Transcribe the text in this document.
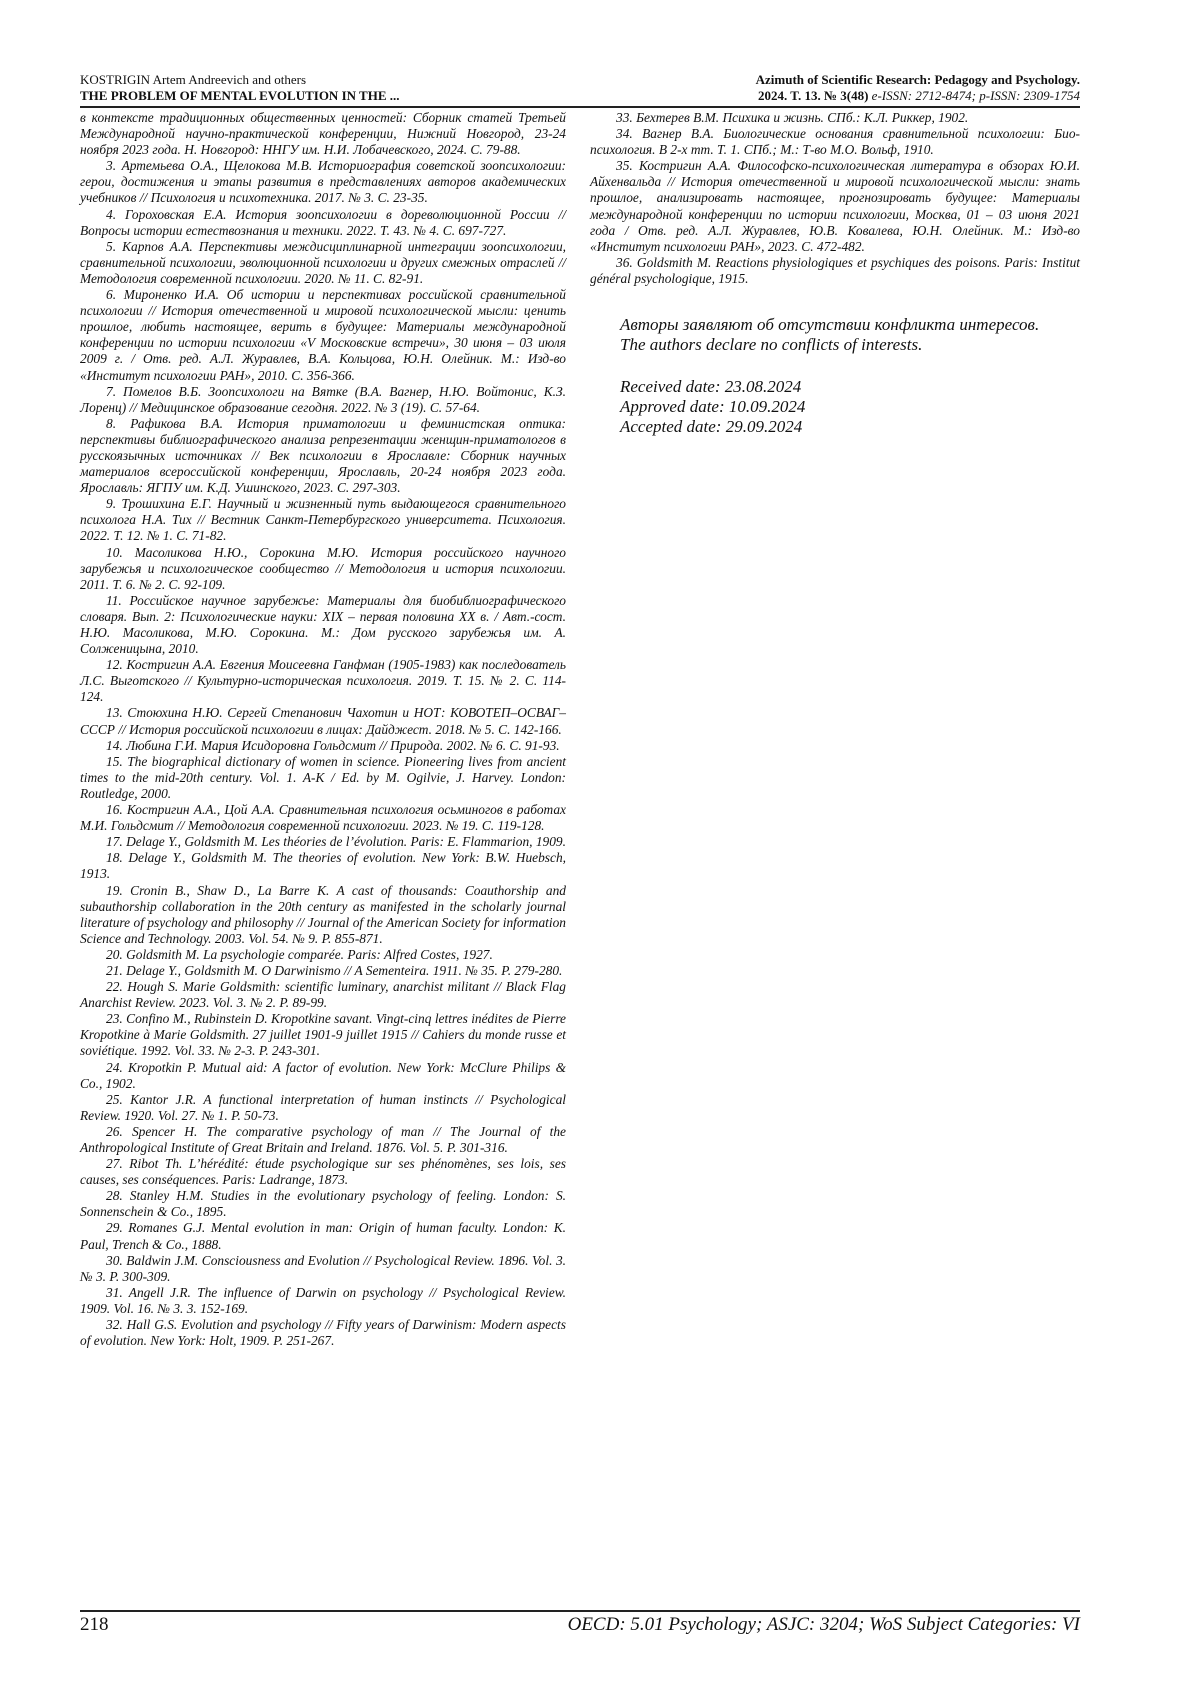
KOSTRIGIN Artem Andreevich and others
THE PROBLEM OF MENTAL EVOLUTION IN THE ...
Azimuth of Scientific Research: Pedagogy and Psychology.
2024. T. 13. № 3(48) e-ISSN: 2712-8474; p-ISSN: 2309-1754

в контексте традиционных общественных ценностей: Сборник статей Третьей Международной научно-практической конференции, Нижний Новгород, 23-24 ноября 2023 года. Н. Новгород: ННГУ им. Н.И. Лобачевского, 2024. С. 79-88.

3. Артемьева О.А., Щелокова М.В. Историография советской зоопсихологии: герои, достижения и этапы развития в представлениях авторов академических учебников // Психология и психотехника. 2017. № 3. С. 23-35.

4. Гороховская Е.А. История зоопсихологии в дореволюционной России // Вопросы истории естествознания и техники. 2022. Т. 43. № 4. С. 697-727.

5. Карпов А.А. Перспективы междисциплинарной интеграции зоопсихологии, сравнительной психологии, эволюционной психологии и других смежных отраслей // Методология современной психологии. 2020. № 11. С. 82-91.

6. Мироненко И.А. Об истории и перспективах российской сравнительной психологии // История отечественной и мировой психологической мысли: ценить прошлое, любить настоящее, верить в будущее: Материалы международной конференции по истории психологии «V Московские встречи», 30 июня – 03 июля 2009 г. / Отв. ред. А.Л. Журавлев, В.А. Кольцова, Ю.Н. Олейник. М.: Изд-во «Институт психологии РАН», 2010. С. 356-366.

7. Помелов В.Б. Зоопсихологи на Вятке (В.А. Вагнер, Н.Ю. Войтонис, К.З. Лоренц) // Медицинское образование сегодня. 2022. № 3 (19). С. 57-64.

8. Рафикова В.А. История приматологии и феминистская оптика: перспективы библиографического анализа репрезентации женщин-приматологов в русскоязычных источниках // Век психологии в Ярославле: Сборник научных материалов всероссийской конференции, Ярославль, 20-24 ноября 2023 года. Ярославль: ЯГПУ им. К.Д. Ушинского, 2023. С. 297-303.

9. Трошихина Е.Г. Научный и жизненный путь выдающегося сравнительного психолога Н.А. Тих // Вестник Санкт-Петербургского университета. Психология. 2022. Т. 12. № 1. С. 71-82.

10. Масоликова Н.Ю., Сорокина М.Ю. История российского научного зарубежья и психологическое сообщество // Методология и история психологии. 2011. Т. 6. № 2. С. 92-109.

11. Российское научное зарубежье: Материалы для биобиблиографического словаря. Вып. 2: Психологические науки: XIX – первая половина XX в. / Авт.-сост. Н.Ю. Масоликова, М.Ю. Сорокина. М.: Дом русского зарубежья им. А. Солженицына, 2010.

12. Костригин А.А. Евгения Моисеевна Ганфман (1905-1983) как последователь Л.С. Выготского // Культурно-историческая психология. 2019. Т. 15. № 2. С. 114-124.

13. Стоюхина Н.Ю. Сергей Степанович Чахотин и НОТ: КОВОТЕП–ОСВАГ–СССР // История российской психологии в лицах: Дайджест. 2018. № 5. С. 142-166.

14. Любина Г.И. Мария Исидоровна Гольдсмит // Природа. 2002. № 6. С. 91-93.

15. The biographical dictionary of women in science. Pioneering lives from ancient times to the mid-20th century. Vol. 1. A-K / Ed. by M. Ogilvie, J. Harvey. London: Routledge, 2000.

16. Костригин А.А., Цой А.А. Сравнительная психология осьминогов в работах М.И. Гольдсмит // Методология современной психологии. 2023. № 19. С. 119-128.

17. Delage Y., Goldsmith M. Les théories de l’évolution. Paris: E. Flammarion, 1909.

18. Delage Y., Goldsmith M. The theories of evolution. New York: B.W. Huebsch, 1913.

19. Cronin B., Shaw D., La Barre K. A cast of thousands: Coauthorship and subauthorship collaboration in the 20th century as manifested in the scholarly journal literature of psychology and philosophy // Journal of the American Society for information Science and Technology. 2003. Vol. 54. № 9. P. 855-871.

20. Goldsmith M. La psychologie comparée. Paris: Alfred Costes, 1927.

21. Delage Y., Goldsmith M. O Darwinismo // A Sementeira. 1911. № 35. P. 279-280.

22. Hough S. Marie Goldsmith: scientific luminary, anarchist militant // Black Flag Anarchist Review. 2023. Vol. 3. № 2. P. 89-99.

23. Confino M., Rubinstein D. Kropotkine savant. Vingt-cinq lettres inédites de Pierre Kropotkine à Marie Goldsmith. 27 juillet 1901-9 juillet 1915 // Cahiers du monde russe et soviétique. 1992. Vol. 33. № 2-3. P. 243-301.

24. Kropotkin P. Mutual aid: A factor of evolution. New York: McClure Philips & Co., 1902.

25. Kantor J.R. A functional interpretation of human instincts // Psychological Review. 1920. Vol. 27. № 1. P. 50-73.

26. Spencer H. The comparative psychology of man // The Journal of the Anthropological Institute of Great Britain and Ireland. 1876. Vol. 5. P. 301-316.

27. Ribot Th. L’hérédité: étude psychologique sur ses phénomènes, ses lois, ses causes, ses conséquences. Paris: Ladrange, 1873.

28. Stanley H.M. Studies in the evolutionary psychology of feeling. London: S. Sonnenschein & Co., 1895.

29. Romanes G.J. Mental evolution in man: Origin of human faculty. London: K. Paul, Trench & Co., 1888.

30. Baldwin J.M. Consciousness and Evolution // Psychological Review. 1896. Vol. 3. № 3. P. 300-309.

31. Angell J.R. The influence of Darwin on psychology // Psychological Review. 1909. Vol. 16. № 3. 3. 152-169.

32. Hall G.S. Evolution and psychology // Fifty years of Darwinism: Modern aspects of evolution. New York: Holt, 1909. P. 251-267.

33. Бехтерев В.М. Психика и жизнь. СПб.: К.Л. Риккер, 1902.

34. Вагнер В.А. Биологические основания сравнительной психологии: Био-психология. В 2-х тт. Т. 1. СПб.; М.: Т-во М.О. Вольф, 1910.

35. Костригин А.А. Философско-психологическая литература в обзорах Ю.И. Айхенвальда // История отечественной и мировой психологической мысли: знать прошлое, анализировать настоящее, прогнозировать будущее: Материалы международной конференции по истории психологии, Москва, 01 – 03 июня 2021 года / Отв. ред. А.Л. Журавлев, Ю.В. Ковалева, Ю.Н. Олейник. М.: Изд-во «Институт психологии РАН», 2023. С. 472-482.

36. Goldsmith M. Reactions physiologiques et psychiques des poisons. Paris: Institut général psychologique, 1915.

Авторы заявляют об отсутствии конфликта интересов.

The authors declare no conflicts of interests.

Received date: 23.08.2024
Approved date: 10.09.2024
Accepted date: 29.09.2024
218	OECD: 5.01 Psychology; ASJC: 3204; WoS Subject Categories: VI
